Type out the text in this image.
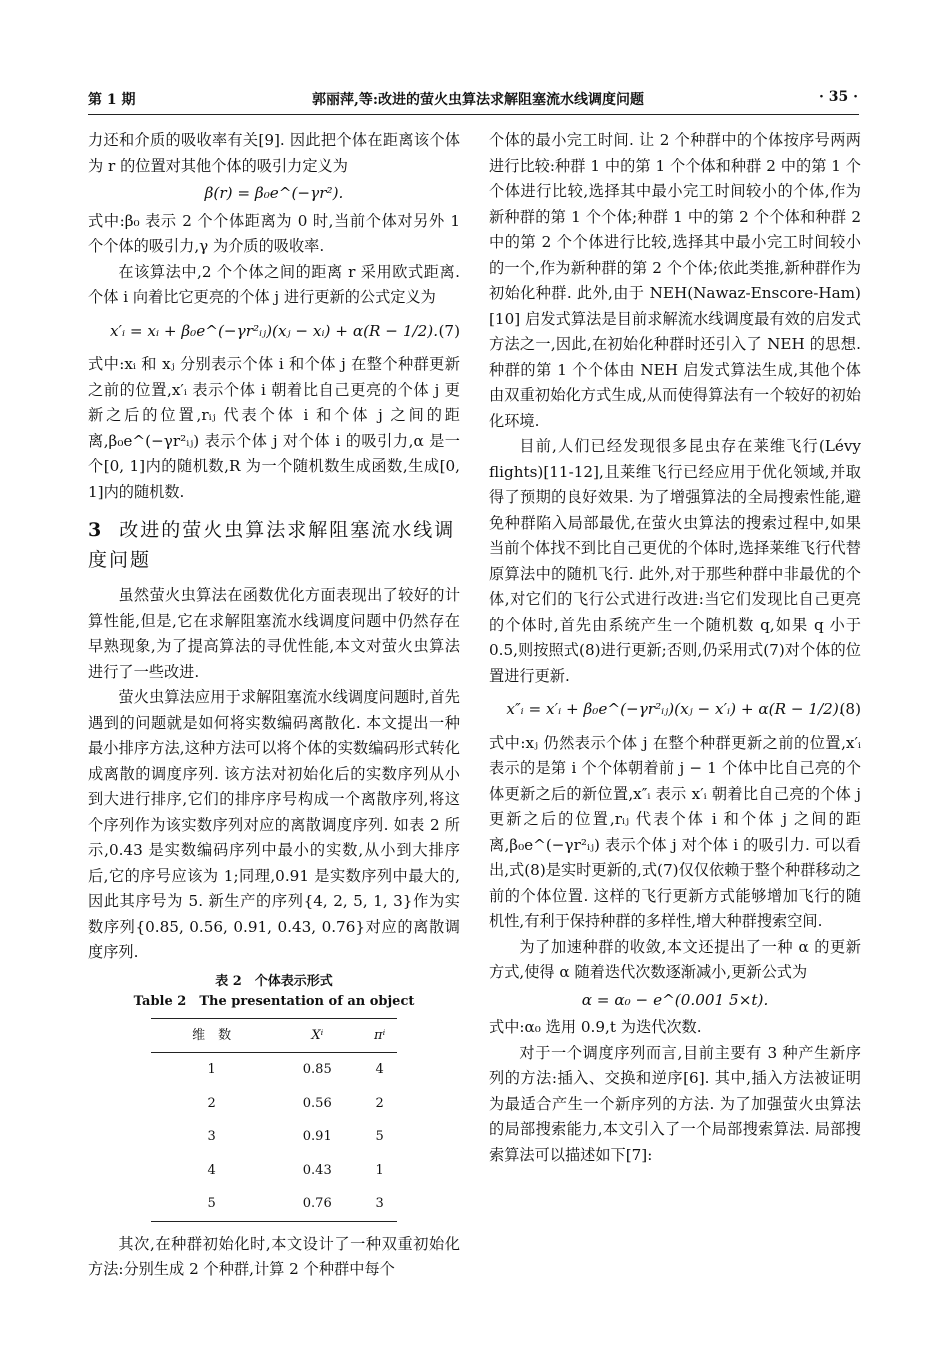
第 1 期	郭丽萍,等:改进的萤火虫算法求解阻塞流水线调度问题	· 35 ·

力还和介质的吸收率有关[9]. 因此把个体在距离该个体为 r 的位置对其他个体的吸引力定义为

β(r) = β₀e^(−γr²).

式中:β₀ 表示 2 个个体距离为 0 时,当前个体对另外 1 个个体的吸引力,γ 为介质的吸收率.

在该算法中,2 个个体之间的距离 r 采用欧式距离. 个体 i 向着比它更亮的个体 j 进行更新的公式定义为

x′ᵢ = xᵢ + β₀e^(−γr²ᵢⱼ)(xⱼ − xᵢ) + α(R − 1/2). (7)

式中:xᵢ 和 xⱼ 分别表示个体 i 和个体 j 在整个种群更新之前的位置,x′ᵢ 表示个体 i 朝着比自己更亮的个体 j 更新之后的位置,rᵢⱼ 代表个体 i 和个体 j 之间的距离,β₀e^(−γr²ᵢⱼ) 表示个体 j 对个体 i 的吸引力,α 是一个[0, 1]内的随机数,R 为一个随机数生成函数,生成[0, 1]内的随机数.

3 改进的萤火虫算法求解阻塞流水线调度问题

虽然萤火虫算法在函数优化方面表现出了较好的计算性能,但是,它在求解阻塞流水线调度问题中仍然存在早熟现象,为了提高算法的寻优性能,本文对萤火虫算法进行了一些改进.

萤火虫算法应用于求解阻塞流水线调度问题时,首先遇到的问题就是如何将实数编码离散化. 本文提出一种最小排序方法,这种方法可以将个体的实数编码形式转化成离散的调度序列. 该方法对初始化后的实数序列从小到大进行排序,它们的排序序号构成一个离散序列,将这个序列作为该实数序列对应的离散调度序列. 如表 2 所示,0.43 是实数编码序列中最小的实数,从小到大排序后,它的序号应该为 1;同理,0.91 是实数序列中最大的,因此其序号为 5. 新生产的序列{4, 2, 5, 1, 3}作为实数序列{0.85, 0.56, 0.91, 0.43, 0.76}对应的离散调度序列.

表 2　个体表示形式
Table 2　The presentation of an object
维　数	Xⁱ	πⁱ
1	0.85	4
2	0.56	2
3	0.91	5
4	0.43	1
5	0.76	3

其次,在种群初始化时,本文设计了一种双重初始化方法:分别生成 2 个种群,计算 2 个种群中每个

个体的最小完工时间. 让 2 个种群中的个体按序号两两进行比较:种群 1 中的第 1 个个体和种群 2 中的第 1 个个体进行比较,选择其中最小完工时间较小的个体,作为新种群的第 1 个个体;种群 1 中的第 2 个个体和种群 2 中的第 2 个个体进行比较,选择其中最小完工时间较小的一个,作为新种群的第 2 个个体;依此类推,新种群作为初始化种群. 此外,由于 NEH(Nawaz-Enscore-Ham)[10] 启发式算法是目前求解流水线调度最有效的启发式方法之一,因此,在初始化种群时还引入了 NEH 的思想. 种群的第 1 个个体由 NEH 启发式算法生成,其他个体由双重初始化方式生成,从而使得算法有一个较好的初始化环境.

目前,人们已经发现很多昆虫存在莱维飞行(Lévy flights)[11-12],且莱维飞行已经应用于优化领域,并取得了预期的良好效果. 为了增强算法的全局搜索性能,避免种群陷入局部最优,在萤火虫算法的搜索过程中,如果当前个体找不到比自己更优的个体时,选择莱维飞行代替原算法中的随机飞行. 此外,对于那些种群中非最优的个体,对它们的飞行公式进行改进:当它们发现比自己更亮的个体时,首先由系统产生一个随机数 q,如果 q 小于 0.5,则按照式(8)进行更新;否则,仍采用式(7)对个体的位置进行更新.

x″ᵢ = x′ᵢ + β₀e^(−γr²ᵢⱼ)(xⱼ − x′ᵢ) + α(R − 1/2).
(8)

式中:xⱼ 仍然表示个体 j 在整个种群更新之前的位置,x′ᵢ 表示的是第 i 个个体朝着前 j − 1 个体中比自己亮的个体更新之后的新位置,x″ᵢ 表示 x′ᵢ 朝着比自己亮的个体 j 更新之后的位置,rᵢⱼ 代表个体 i 和个体 j 之间的距离,β₀e^(−γr²ᵢⱼ) 表示个体 j 对个体 i 的吸引力. 可以看出,式(8)是实时更新的,式(7)仅仅依赖于整个种群移动之前的个体位置. 这样的飞行更新方式能够增加飞行的随机性,有利于保持种群的多样性,增大种群搜索空间.

为了加速种群的收敛,本文还提出了一种 α 的更新方式,使得 α 随着迭代次数逐渐减小,更新公式为

α = α₀ − e^(0.001 5×t).

式中:α₀ 选用 0.9,t 为迭代次数.

对于一个调度序列而言,目前主要有 3 种产生新序列的方法:插入、交换和逆序[6]. 其中,插入方法被证明为最适合产生一个新序列的方法. 为了加强萤火虫算法的局部搜索能力,本文引入了一个局部搜索算法. 局部搜索算法可以描述如下[7]:
